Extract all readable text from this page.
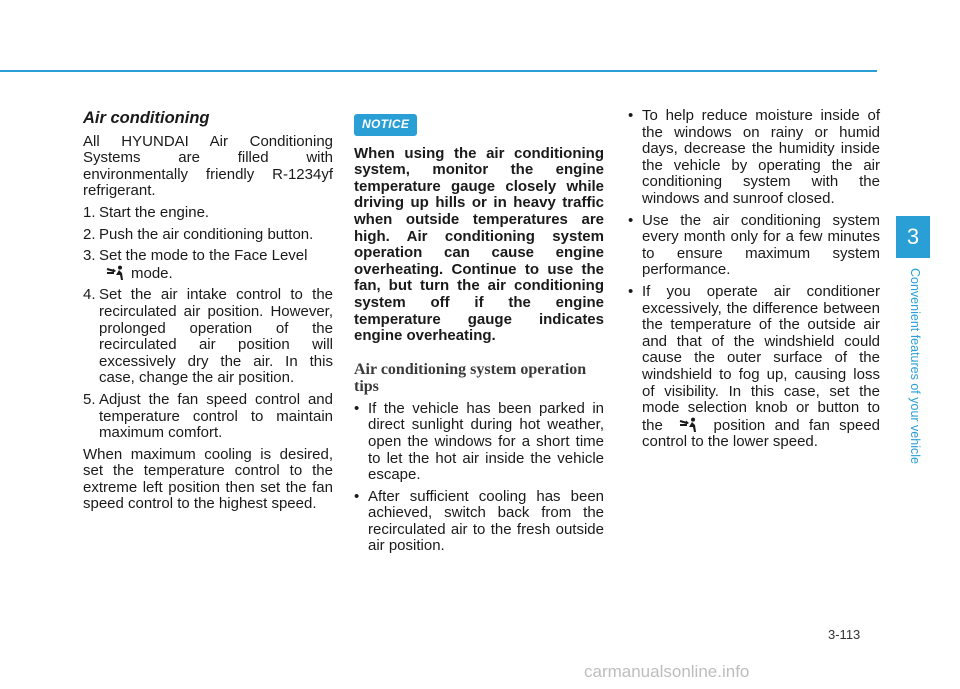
Air conditioning

All HYUNDAI Air Conditioning Systems are filled with environmentally friendly R-1234yf refrigerant.

1. Start the engine.
2. Push the air conditioning button.
3. Set the mode to the Face Level
mode.
4. Set the air intake control to the recirculated air position. However, prolonged operation of the recirculated air position will excessively dry the air. In this case, change the air position.
5. Adjust the fan speed control and temperature control to maintain maximum comfort.

When maximum cooling is desired, set the temperature control to the extreme left position then set the fan speed control to the highest speed.

NOTICE

When using the air conditioning system, monitor the engine temperature gauge closely while driving up hills or in heavy traffic when outside temperatures are high. Air conditioning system operation can cause engine overheating. Continue to use the fan, but turn the air conditioning system off if the engine temperature gauge indicates engine overheating.

Air conditioning system operation tips
• If the vehicle has been parked in direct sunlight during hot weather, open the windows for a short time to let the hot air inside the vehicle escape.
• After sufficient cooling has been achieved, switch back from the recirculated air to the fresh outside air position.
• To help reduce moisture inside of the windows on rainy or humid days, decrease the humidity inside the vehicle by operating the air conditioning system with the windows and sunroof closed.
• Use the air conditioning system every month only for a few minutes to ensure maximum system performance.
• If you operate air conditioner excessively, the difference between the temperature of the outside air and that of the windshield could cause the outer surface of the windshield to fog up, causing loss of visibility. In this case, set the mode selection knob or button to the	position and fan speed control to the lower speed.
3
Convenient features of your vehicle
3-113
carmanualsonline.info
